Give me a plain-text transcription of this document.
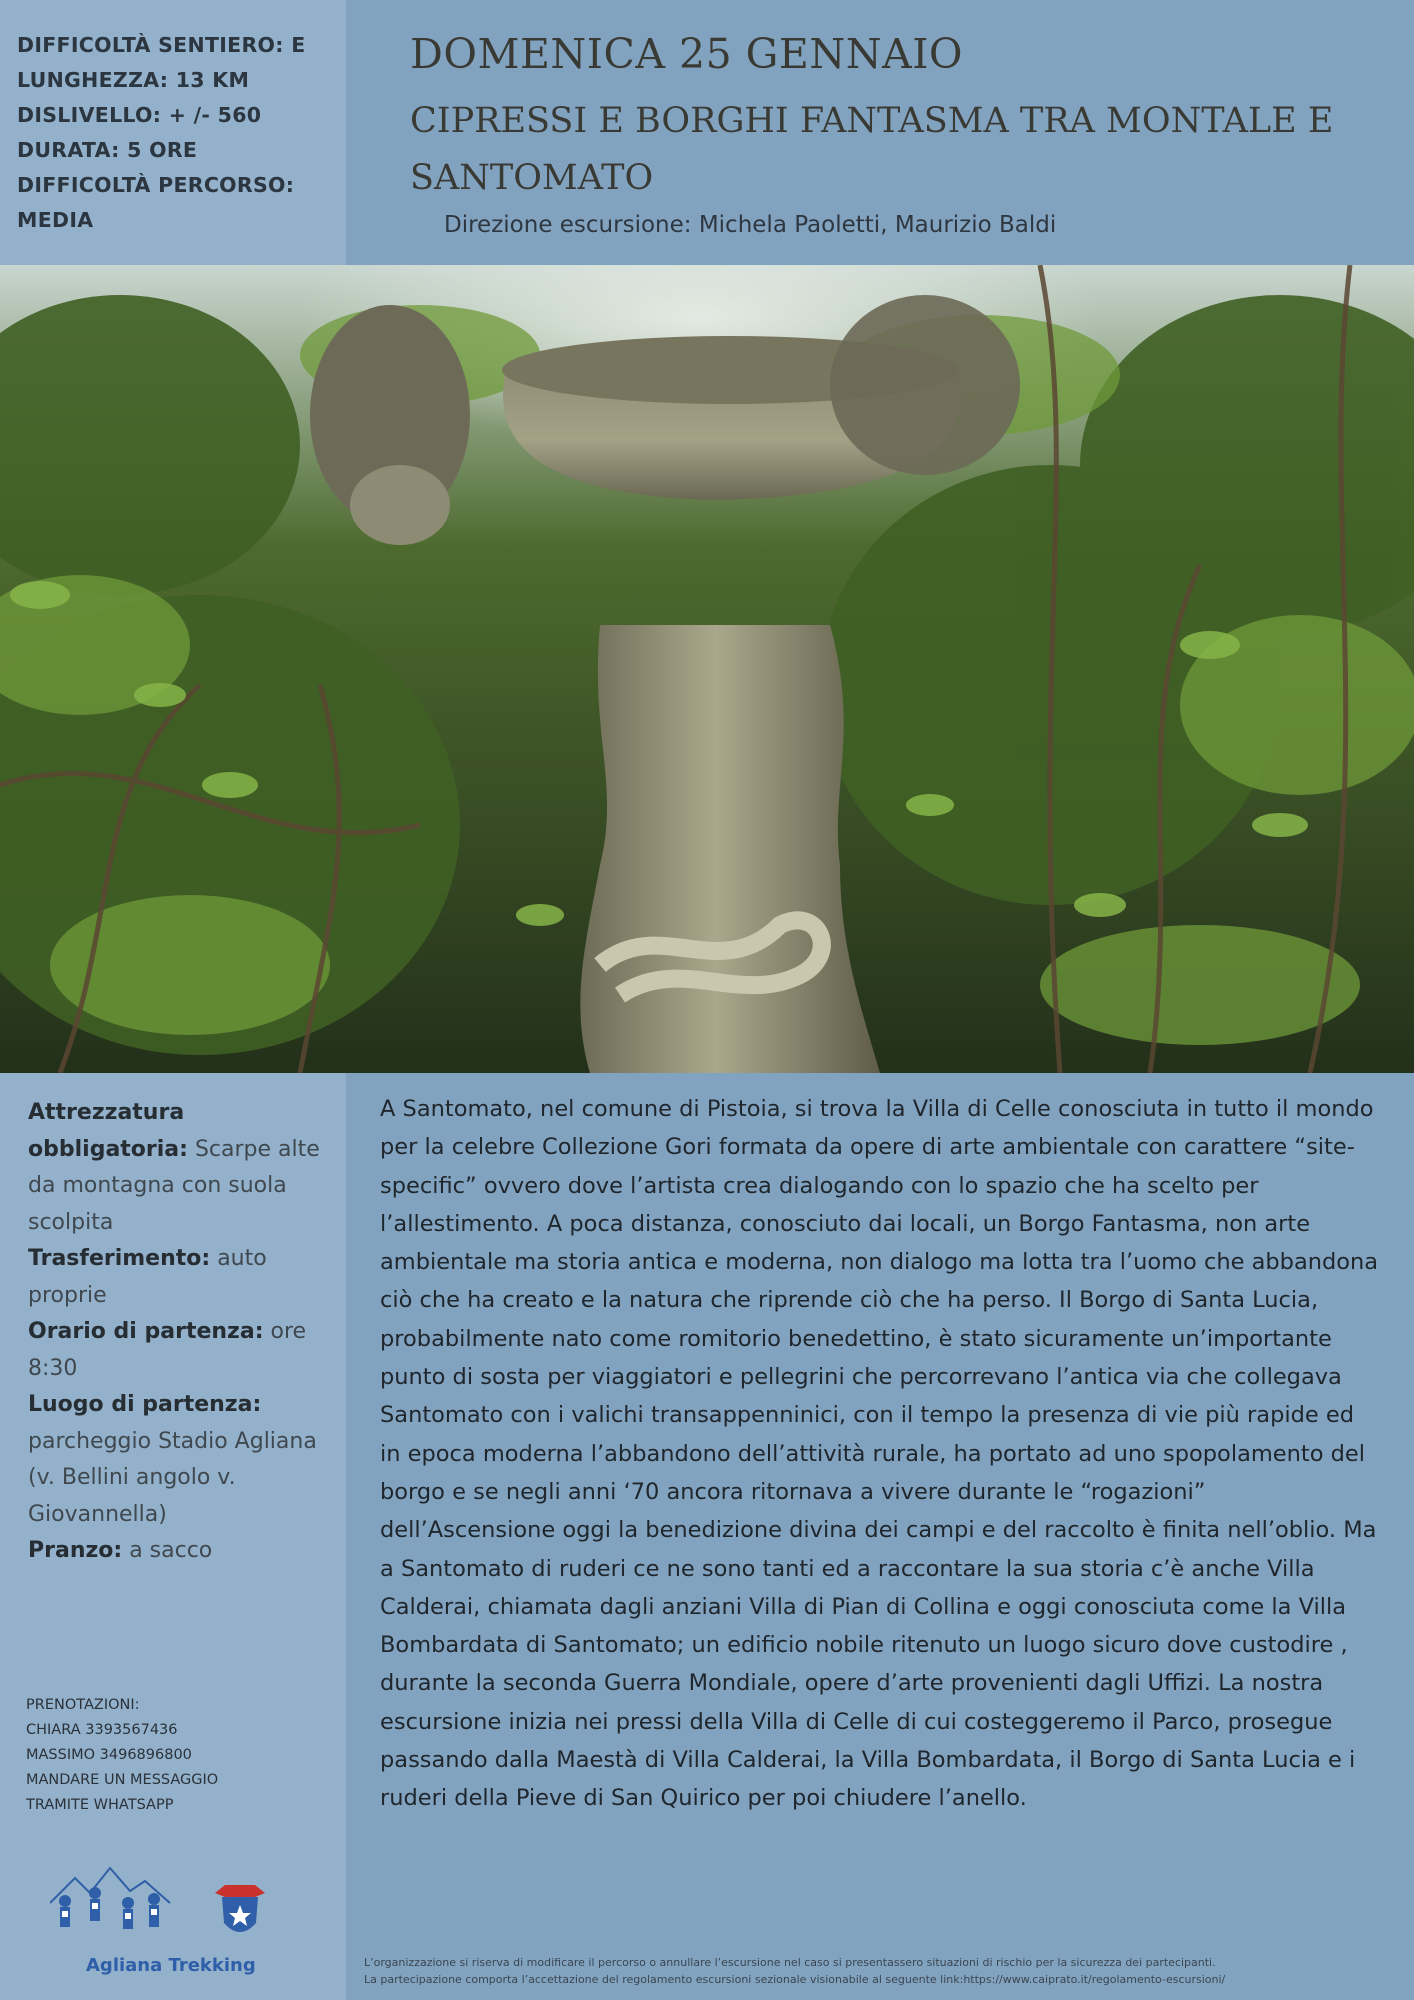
DIFFICOLTÀ SENTIERO: E
LUNGHEZZA: 13 KM
DISLIVELLO: + /- 560
DURATA: 5 ORE
DIFFICOLTÀ PERCORSO:
MEDIA
DOMENICA 25 GENNAIO
CIPRESSI E BORGHI FANTASMA TRA MONTALE E SANTOMATO

Direzione escursione: Michela Paoletti, Maurizio Baldi

Attrezzatura obbligatoria: Scarpe alte da montagna con suola scolpita
Trasferimento: auto proprie
Orario di partenza: ore 8:30
Luogo di partenza: parcheggio Stadio Agliana (v. Bellini angolo v. Giovannella)
Pranzo: a sacco
PRENOTAZIONI:
CHIARA 3393567436
MASSIMO 3496896800
MANDARE UN MESSAGGIO
TRAMITE WHATSAPP
Agliana Trekking

A Santomato, nel comune di Pistoia, si trova la Villa di Celle conosciuta in tutto il mondo per la celebre Collezione Gori formata da opere di arte ambientale con carattere “site-specific” ovvero dove l’artista crea dialogando con lo spazio che ha scelto per l’allestimento. A poca distanza, conosciuto dai locali, un Borgo Fantasma, non arte ambientale ma storia antica e moderna, non dialogo ma lotta tra l’uomo che abbandona ciò che ha creato e la natura che riprende ciò che ha perso. Il Borgo di Santa Lucia, probabilmente nato come romitorio benedettino, è stato sicuramente un’importante punto di sosta per viaggiatori e pellegrini che percorrevano l’antica via che collegava Santomato con i valichi transappenninici, con il tempo la presenza di vie più rapide ed in epoca moderna l’abbandono dell’attività rurale, ha portato ad uno spopolamento del borgo e se negli anni ‘70 ancora ritornava a vivere durante le “rogazioni” dell’Ascensione oggi la benedizione divina dei campi e del raccolto è finita nell’oblio. Ma a Santomato di ruderi ce ne sono tanti ed a raccontare la sua storia c’è anche Villa Calderai, chiamata dagli anziani Villa di Pian di Collina e oggi conosciuta come la Villa Bombardata di Santomato; un edificio nobile ritenuto un luogo sicuro dove custodire , durante la seconda Guerra Mondiale, opere d’arte provenienti dagli Uffizi. La nostra escursione inizia nei pressi della Villa di Celle di cui costeggeremo il Parco, prosegue passando dalla Maestà di Villa Calderai, la Villa Bombardata, il Borgo di Santa Lucia e i ruderi della Pieve di San Quirico per poi chiudere l’anello.

L’organizzazione si riserva di modificare il percorso o annullare l’escursione nel caso si presentassero situazioni di rischio per la sicurezza dei partecipanti.
La partecipazione comporta l’accettazione del regolamento escursioni sezionale visionabile al seguente link:https://www.caiprato.it/regolamento-escursioni/
